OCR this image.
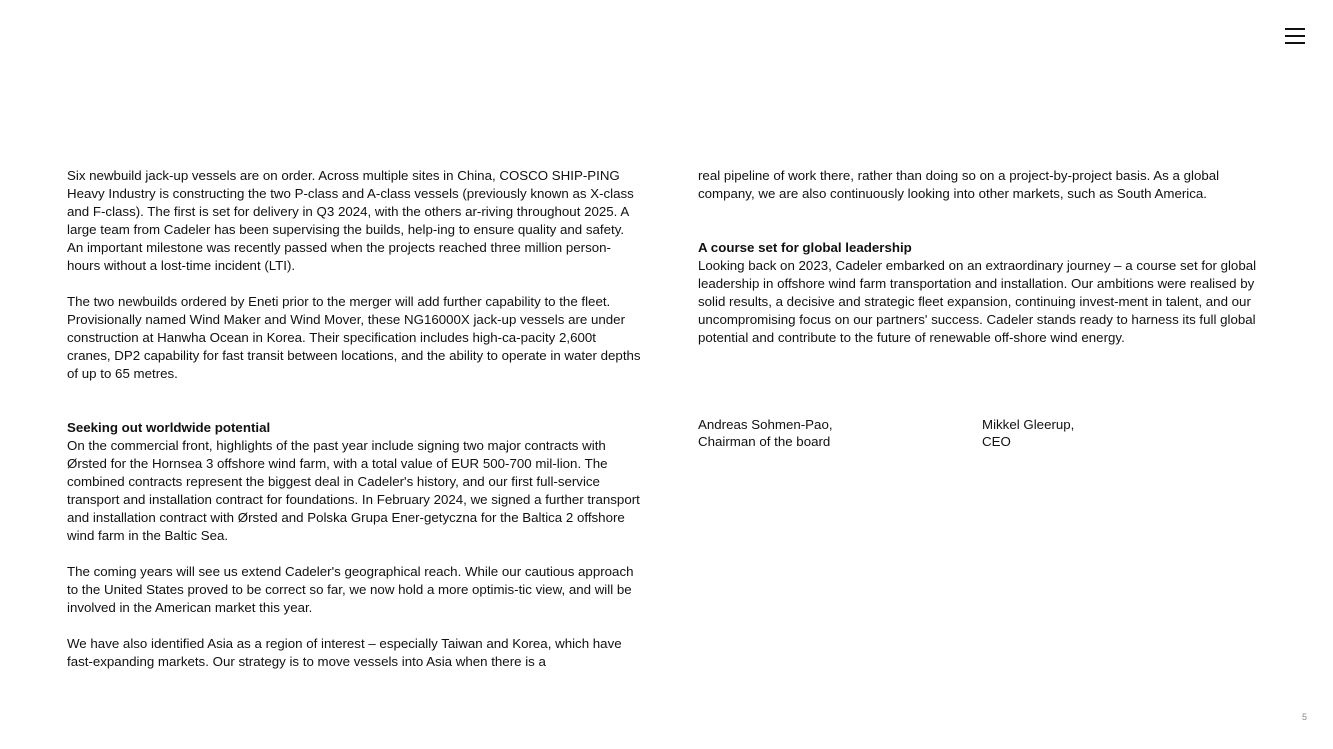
Six newbuild jack-up vessels are on order. Across multiple sites in China, COSCO SHIP-PING Heavy Industry is constructing the two P-class and A-class vessels (previously known as X-class and F-class). The first is set for delivery in Q3 2024, with the others ar-riving throughout 2025. A large team from Cadeler has been supervising the builds, help-ing to ensure quality and safety. An important milestone was recently passed when the projects reached three million person-hours without a lost-time incident (LTI).

The two newbuilds ordered by Eneti prior to the merger will add further capability to the fleet. Provisionally named Wind Maker and Wind Mover, these NG16000X jack-up vessels are under construction at Hanwha Ocean in Korea. Their specification includes high-ca-pacity 2,600t cranes, DP2 capability for fast transit between locations, and the ability to operate in water depths of up to 65 metres.

Seeking out worldwide potential

On the commercial front, highlights of the past year include signing two major contracts with Ørsted for the Hornsea 3 offshore wind farm, with a total value of EUR 500-700 mil-lion. The combined contracts represent the biggest deal in Cadeler's history, and our first full-service transport and installation contract for foundations. In February 2024, we signed a further transport and installation contract with Ørsted and Polska Grupa Ener-getyczna for the Baltica 2 offshore wind farm in the Baltic Sea.

The coming years will see us extend Cadeler's geographical reach. While our cautious approach to the United States proved to be correct so far, we now hold a more optimis-tic view, and will be involved in the American market this year.

We have also identified Asia as a region of interest – especially Taiwan and Korea, which have fast-expanding markets. Our strategy is to move vessels into Asia when there is a

real pipeline of work there, rather than doing so on a project-by-project basis. As a global company, we are also continuously looking into other markets, such as South America.

A course set for global leadership

Looking back on 2023, Cadeler embarked on an extraordinary journey – a course set for global leadership in offshore wind farm transportation and installation. Our ambitions were realised by solid results, a decisive and strategic fleet expansion, continuing invest-ment in talent, and our uncompromising focus on our partners' success. Cadeler stands ready to harness its full global potential and contribute to the future of renewable off-shore wind energy.

Andreas Sohmen-Pao,
Chairman of the board
Mikkel Gleerup,
CEO
5
